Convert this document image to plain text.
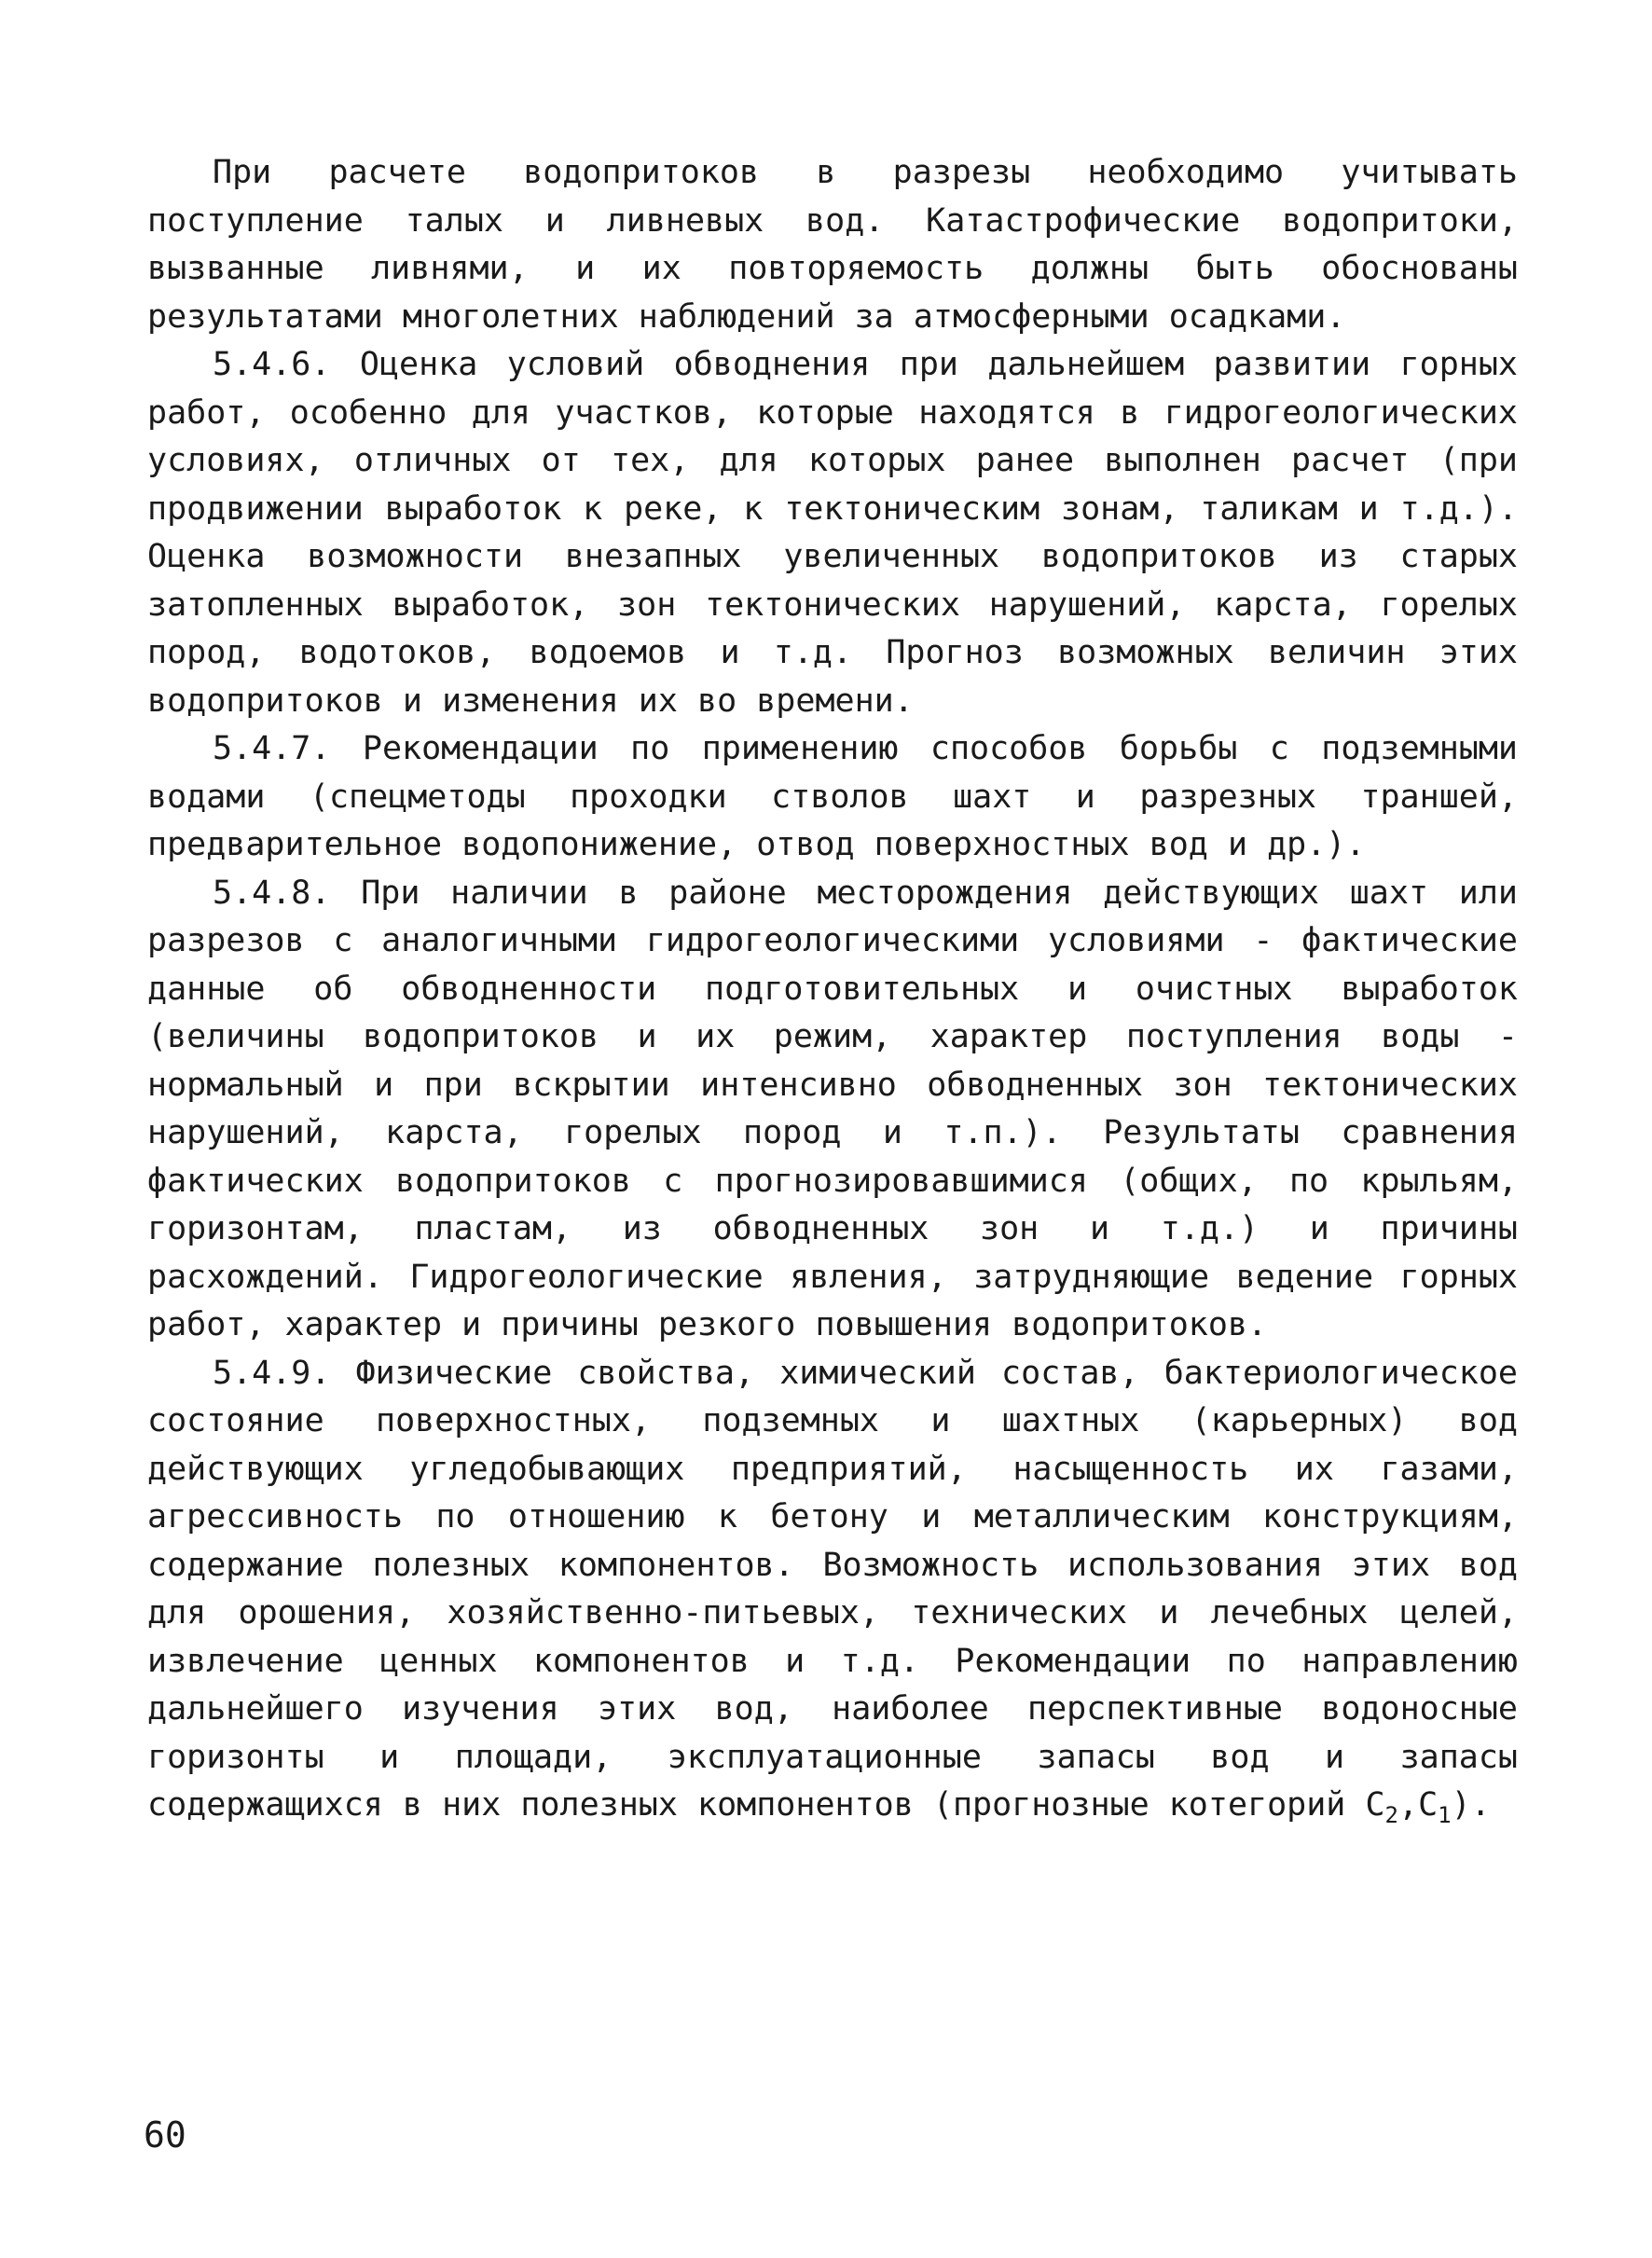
При расчете водопритоков в разрезы необходимо учитывать поступление талых и ливневых вод. Катастрофические водопритоки, вызванные ливнями, и их повторяемость должны быть обоснованы результатами многолетних наблюдений за атмосферными осадками.

5.4.6. Оценка условий обводнения при дальнейшем развитии горных работ, особенно для участков, которые находятся в гидрогеологических условиях, отличных от тех, для которых ранее выполнен расчет (при продвижении выработок к реке, к тектоническим зонам, таликам и т.д.). Оценка возможности внезапных увеличенных водопритоков из старых затопленных выработок, зон тектонических нарушений, карста, горелых пород, водотоков, водоемов и т.д. Прогноз возможных величин этих водопритоков и изменения их во времени.

5.4.7. Рекомендации по применению способов борьбы с подземными водами (спецметоды проходки стволов шахт и разрезных траншей, предварительное водопонижение, отвод поверхностных вод и др.).

5.4.8. При наличии в районе месторождения действующих шахт или разрезов с аналогичными гидрогеологическими условиями - фактические данные об обводненности подготовительных и очистных выработок (величины водопритоков и их режим, характер поступления воды - нормальный и при вскрытии интенсивно обводненных зон тектонических нарушений, карста, горелых пород и т.п.). Результаты сравнения фактических водопритоков с прогнозировавшимися (общих, по крыльям, горизонтам, пластам, из обводненных зон и т.д.) и причины расхождений. Гидрогеологические явления, затрудняющие ведение горных работ, характер и причины резкого повышения водопритоков.

5.4.9. Физические свойства, химический состав, бактериологическое состояние поверхностных, подземных и шахтных (карьерных) вод действующих угледобывающих предприятий, насыщенность их газами, агрессивность по отношению к бетону и металлическим конструкциям, содержание полезных компонентов. Возможность использования этих вод для орошения, хозяйственно-питьевых, технических и лечебных целей, извлечение ценных компонентов и т.д. Рекомендации по направлению дальнейшего изучения этих вод, наиболее перспективные водоносные горизонты и площади, эксплуатационные запасы вод и запасы содержащихся в них полезных компонентов (прогнозные котегорий $C_2,C_1$).

60
